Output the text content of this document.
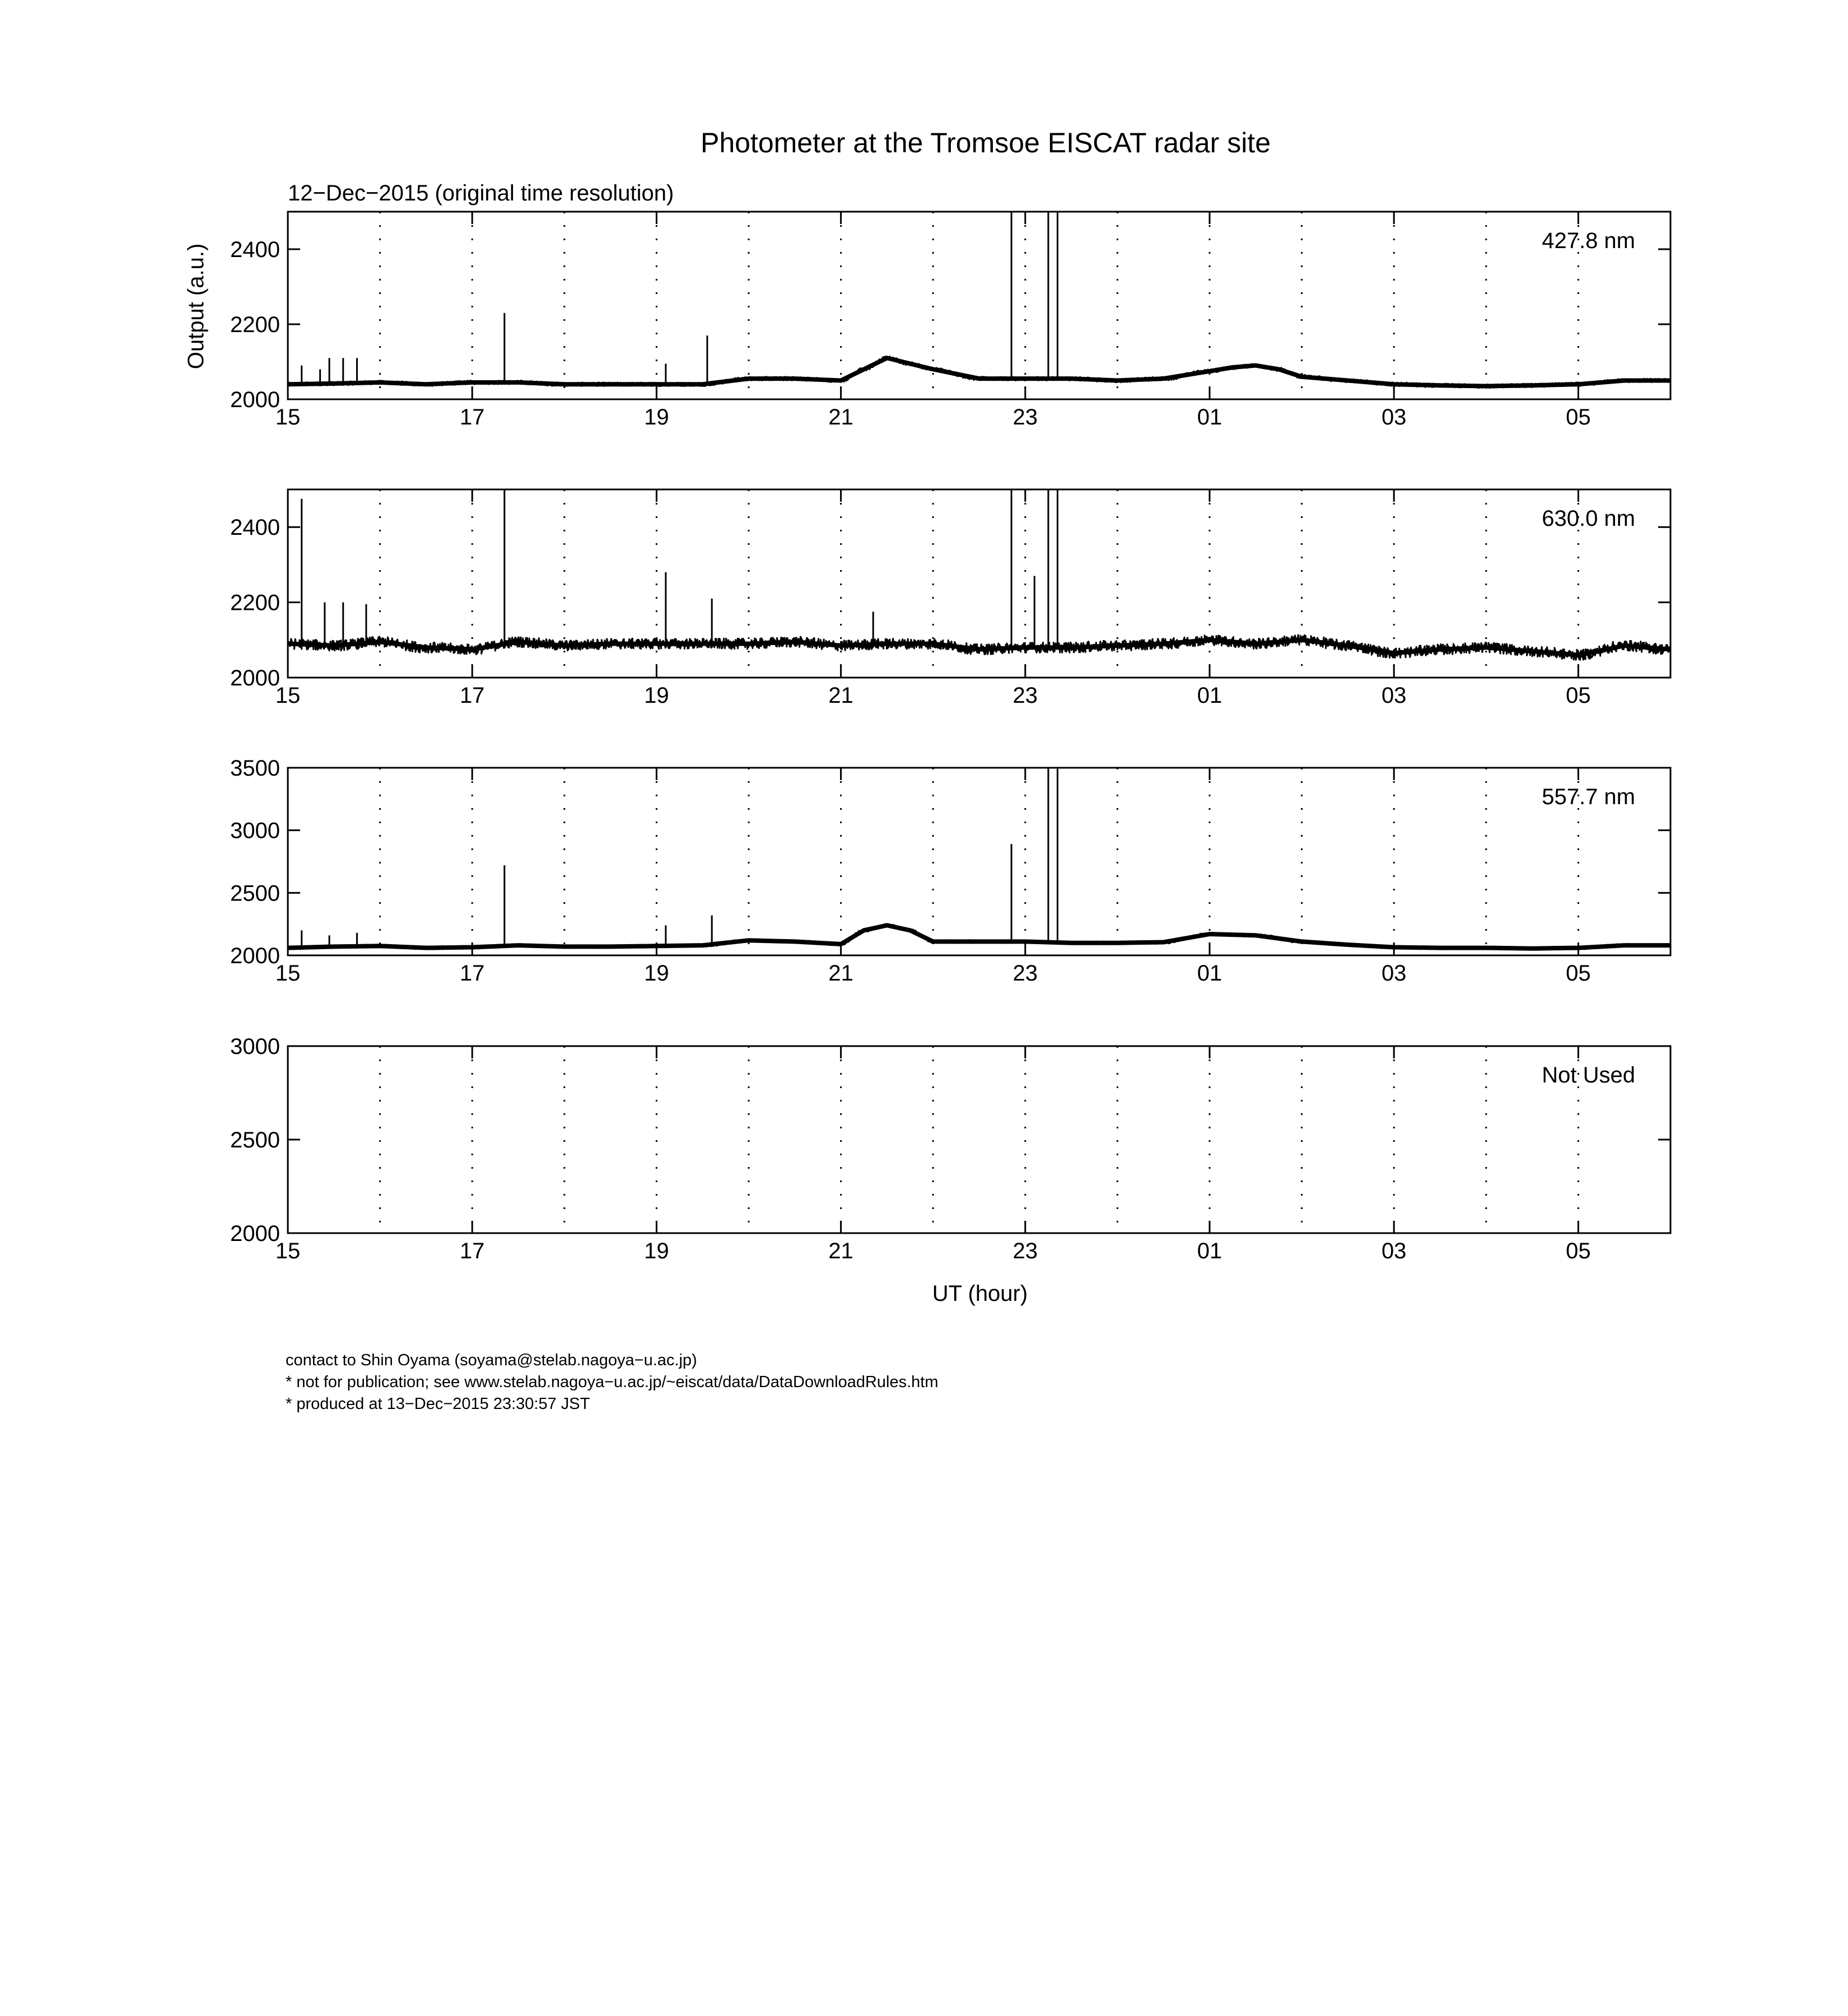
Photometer at the Tromsoe EISCAT radar site
12−Dec−2015 (original time resolution)
Output (a.u.)
UT (hour)
2000
2200
2400
15	17	19	21	23	01	03	05
427.8 nm
2000
2200
2400
15	17	19	21	23	01	03	05
630.0 nm
2000
2500
3000
3500
15	17	19	21	23	01	03	05
557.7 nm
2000
2500
3000
15	17	19	21	23	01	03	05
Not Used
contact to Shin Oyama (soyama@stelab.nagoya−u.ac.jp)
* not for publication; see www.stelab.nagoya−u.ac.jp/~eiscat/data/DataDownloadRules.htm
* produced at 13−Dec−2015 23:30:57 JST
